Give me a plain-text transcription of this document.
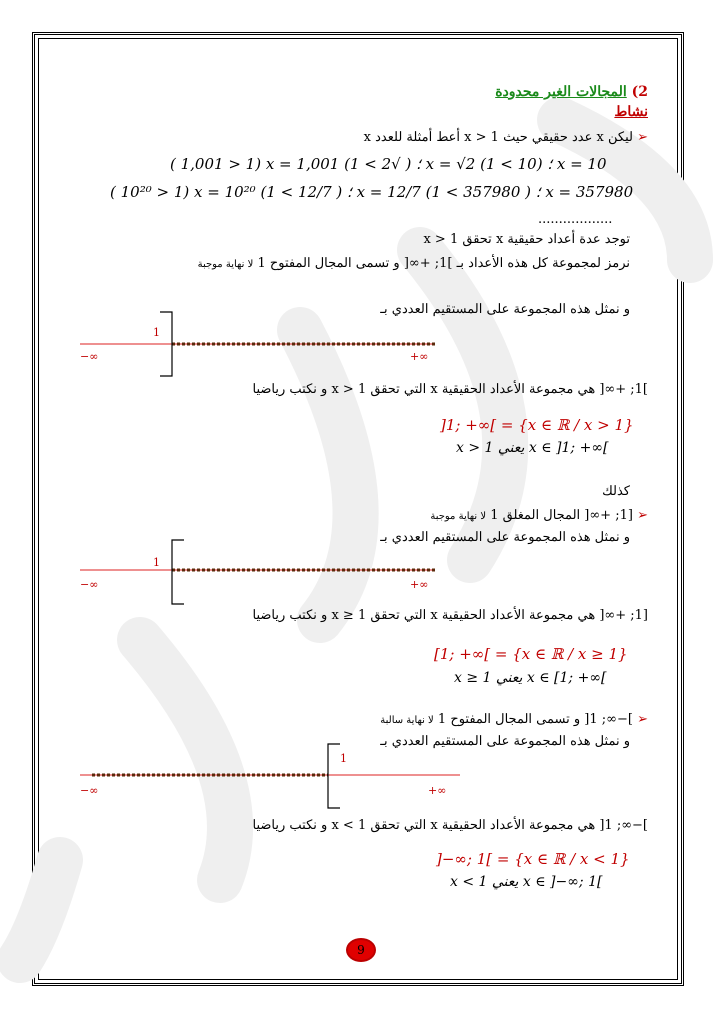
2) المجالات الغير محدودة
نشاط
➢ ليكن x عدد حقيقي حيث x > 1 أعط أمثلة للعدد x
( 1,001 > 1) x = 1,001 ؛ ( √2 > 1) x = √2 ؛ (10 > 1) x = 10
( 10²⁰ > 1) x = 10²⁰ ؛ ( 12/7 > 1) x = 12/7 ؛ ( 357980 > 1) x = 357980
..................
توجد عدة أعداد حقيقية x تحقق x > 1
نرمز لمجموعة كل هذه الأعداد بـ ]1; +∞[ و تسمى المجال المفتوح 1 لا نهاية موجبة
و نمثل هذه المجموعة على المستقيم العددي بـ
1
−∞	+∞
]1; +∞[ هي مجموعة الأعداد الحقيقية x التي تحقق x > 1 و نكتب رياضيا
]1; +∞[ = {x ∈ ℝ / x > 1}
x > 1 يعني x ∈ ]1; +∞[
كذلك
➢ [1; +∞[ المجال المغلق 1 لا نهاية موجبة
و نمثل هذه المجموعة على المستقيم العددي بـ
1
−∞	+∞
[1; +∞[ هي مجموعة الأعداد الحقيقية x التي تحقق x ≥ 1 و نكتب رياضيا
[1; +∞[ = {x ∈ ℝ / x ≥ 1}
x ≥ 1 يعني x ∈ [1; +∞[
➢ ]−∞; 1[ و تسمى المجال المفتوح 1 لا نهاية سالبة
و نمثل هذه المجموعة على المستقيم العددي بـ
1
−∞	+∞
]−∞; 1[ هي مجموعة الأعداد الحقيقية x التي تحقق x < 1 و نكتب رياضيا
]−∞; 1[ = {x ∈ ℝ / x < 1}
x < 1 يعني x ∈ ]−∞; 1[
9
